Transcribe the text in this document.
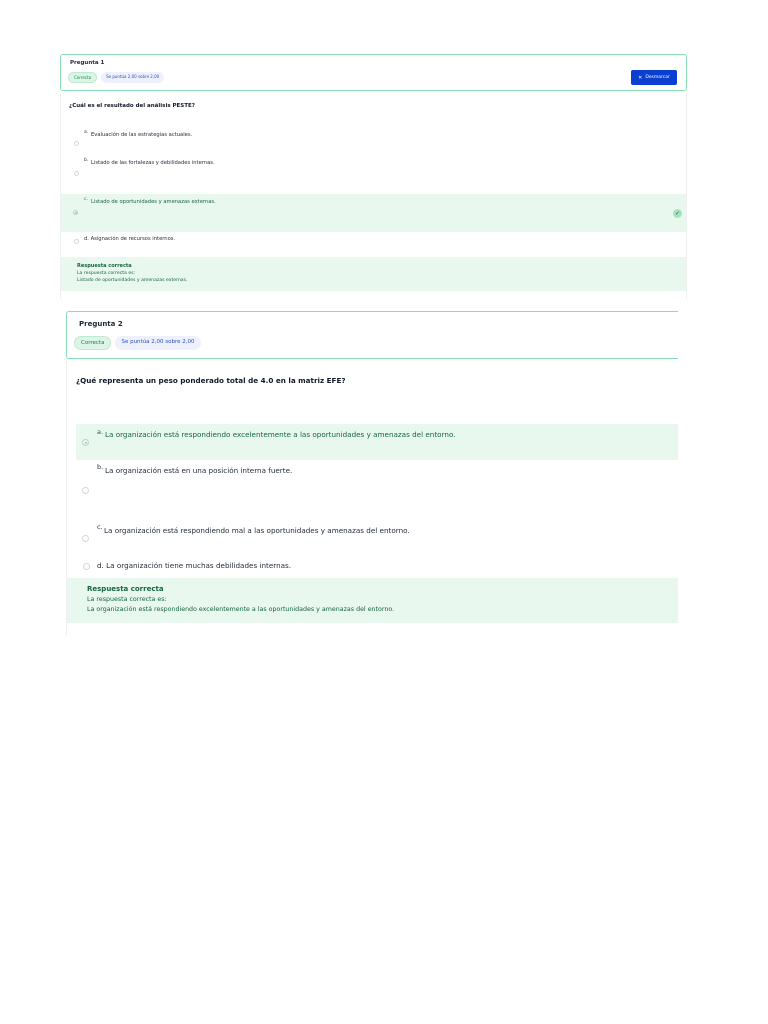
Pregunta 1
Correcta	Se puntúa 2,00 sobre 2,00	✕ Desmarcar
¿Cuál es el resultado del análisis PESTE?
a. Evaluación de las estrategias actuales.
b. Listado de las fortalezas y debilidades internas.
c. Listado de oportunidades y amenazas externas.
✓
d. Asignación de recursos internos.
Respuesta correcta
La respuesta correcta es:
Listado de oportunidades y amenazas externas.
Pregunta 2
Correcta	Se puntúa 2,00 sobre 2,00
¿Qué representa un peso ponderado total de 4.0 en la matriz EFE?
a. La organización está respondiendo excelentemente a las oportunidades y amenazas del entorno.
b. La organización está en una posición interna fuerte.
c. La organización está respondiendo mal a las oportunidades y amenazas del entorno.
d. La organización tiene muchas debilidades internas.
Respuesta correcta
La respuesta correcta es:
La organización está respondiendo excelentemente a las oportunidades y amenazas del entorno.
